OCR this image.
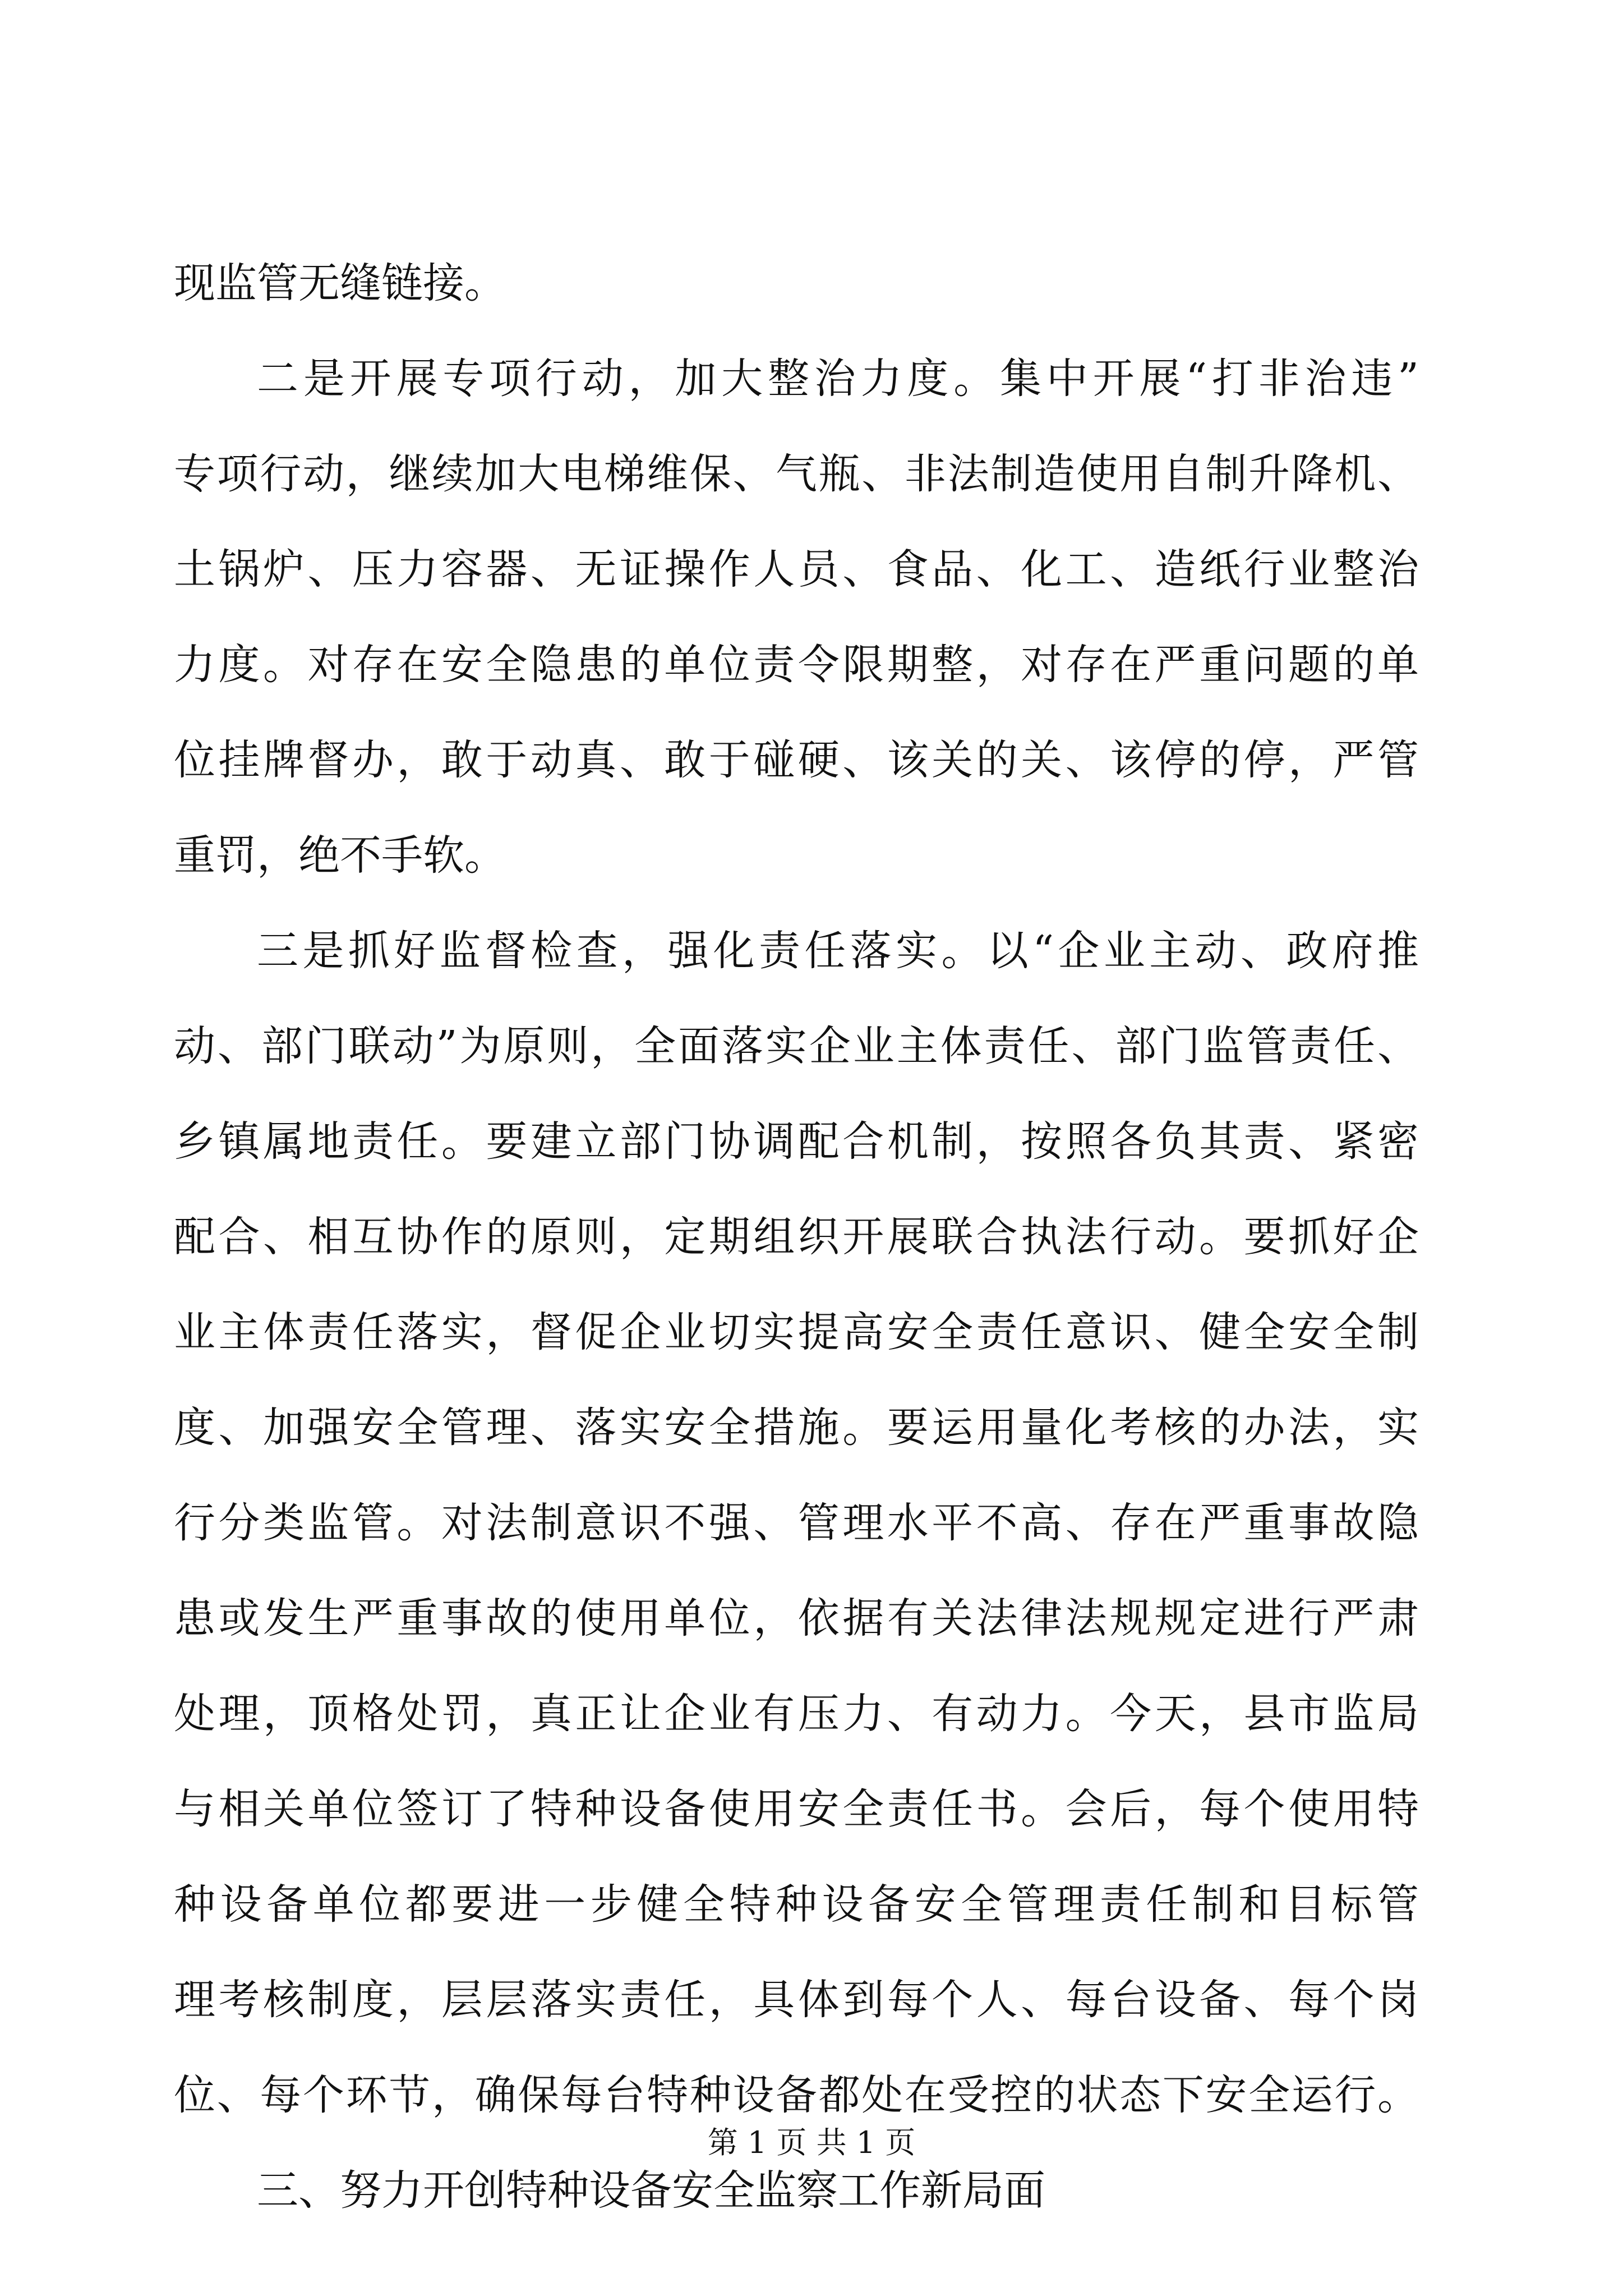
现监管无缝链接。
二是开展专项行动，加大整治力度。集中开展“打非治违”
专项行动，继续加大电梯维保、气瓶、非法制造使用自制升降机、
土锅炉、压力容器、无证操作人员、食品、化工、造纸行业整治
力度。对存在安全隐患的单位责令限期整，对存在严重问题的单
位挂牌督办，敢于动真、敢于碰硬、该关的关、该停的停，严管
重罚，绝不手软。
三是抓好监督检查，强化责任落实。以“企业主动、政府推
动、部门联动”为原则，全面落实企业主体责任、部门监管责任、
乡镇属地责任。要建立部门协调配合机制，按照各负其责、紧密
配合、相互协作的原则，定期组织开展联合执法行动。要抓好企
业主体责任落实，督促企业切实提高安全责任意识、健全安全制
度、加强安全管理、落实安全措施。要运用量化考核的办法，实
行分类监管。对法制意识不强、管理水平不高、存在严重事故隐
患或发生严重事故的使用单位，依据有关法律法规规定进行严肃
处理，顶格处罚，真正让企业有压力、有动力。今天，县市监局
与相关单位签订了特种设备使用安全责任书。会后，每个使用特
种设备单位都要进一步健全特种设备安全管理责任制和目标管
理考核制度，层层落实责任，具体到每个人、每台设备、每个岗
位、每个环节，确保每台特种设备都处在受控的状态下安全运行。
三、努力开创特种设备安全监察工作新局面
第 1 页 共 1 页
